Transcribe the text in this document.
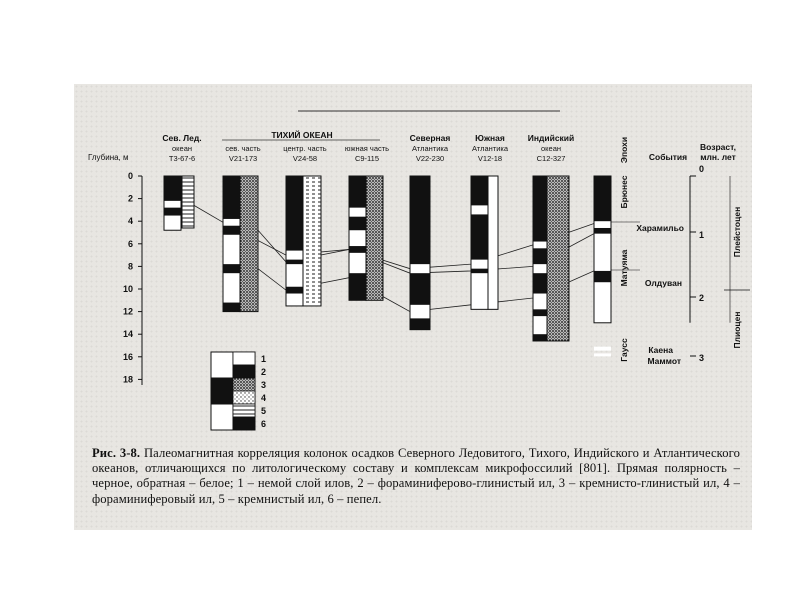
ТИХИЙ ОКЕАН
Сев. Лед.
океан
Т3-67-6
сев. часть
V21-173
центр. часть
V24-58
южная часть
С9-115
Северная
Атлантика
V22-230
Южная
Атлантика
V12-18
Индийский
океан
С12-327
Глубина, м
0
2
4
6
8
10
12
14
16
18
1
2
3
4
5
6
Эпохи События
Возраст,
млн. лет
Брюнес
Матуяма
Гаусс
Харамильо
Олдуван
Каена
Маммот
Плейстоцен
Плиоцен
0
1
2
3
Рис. 3-8. Палеомагнитная корреляция колонок осадков Северного Ледовитого, Тихого, Индийского и Атлантического океанов, отличающихся по литологическому составу и комплексам микрофоссилий [801]. Прямая полярность – черное, обратная – белое; 1 – немой слой илов, 2 – фораминиферово-глинистый ил, 3 – кремнисто-глинистый ил, 4 – фораминиферовый ил, 5 – кремнистый ил, 6 – пепел.
